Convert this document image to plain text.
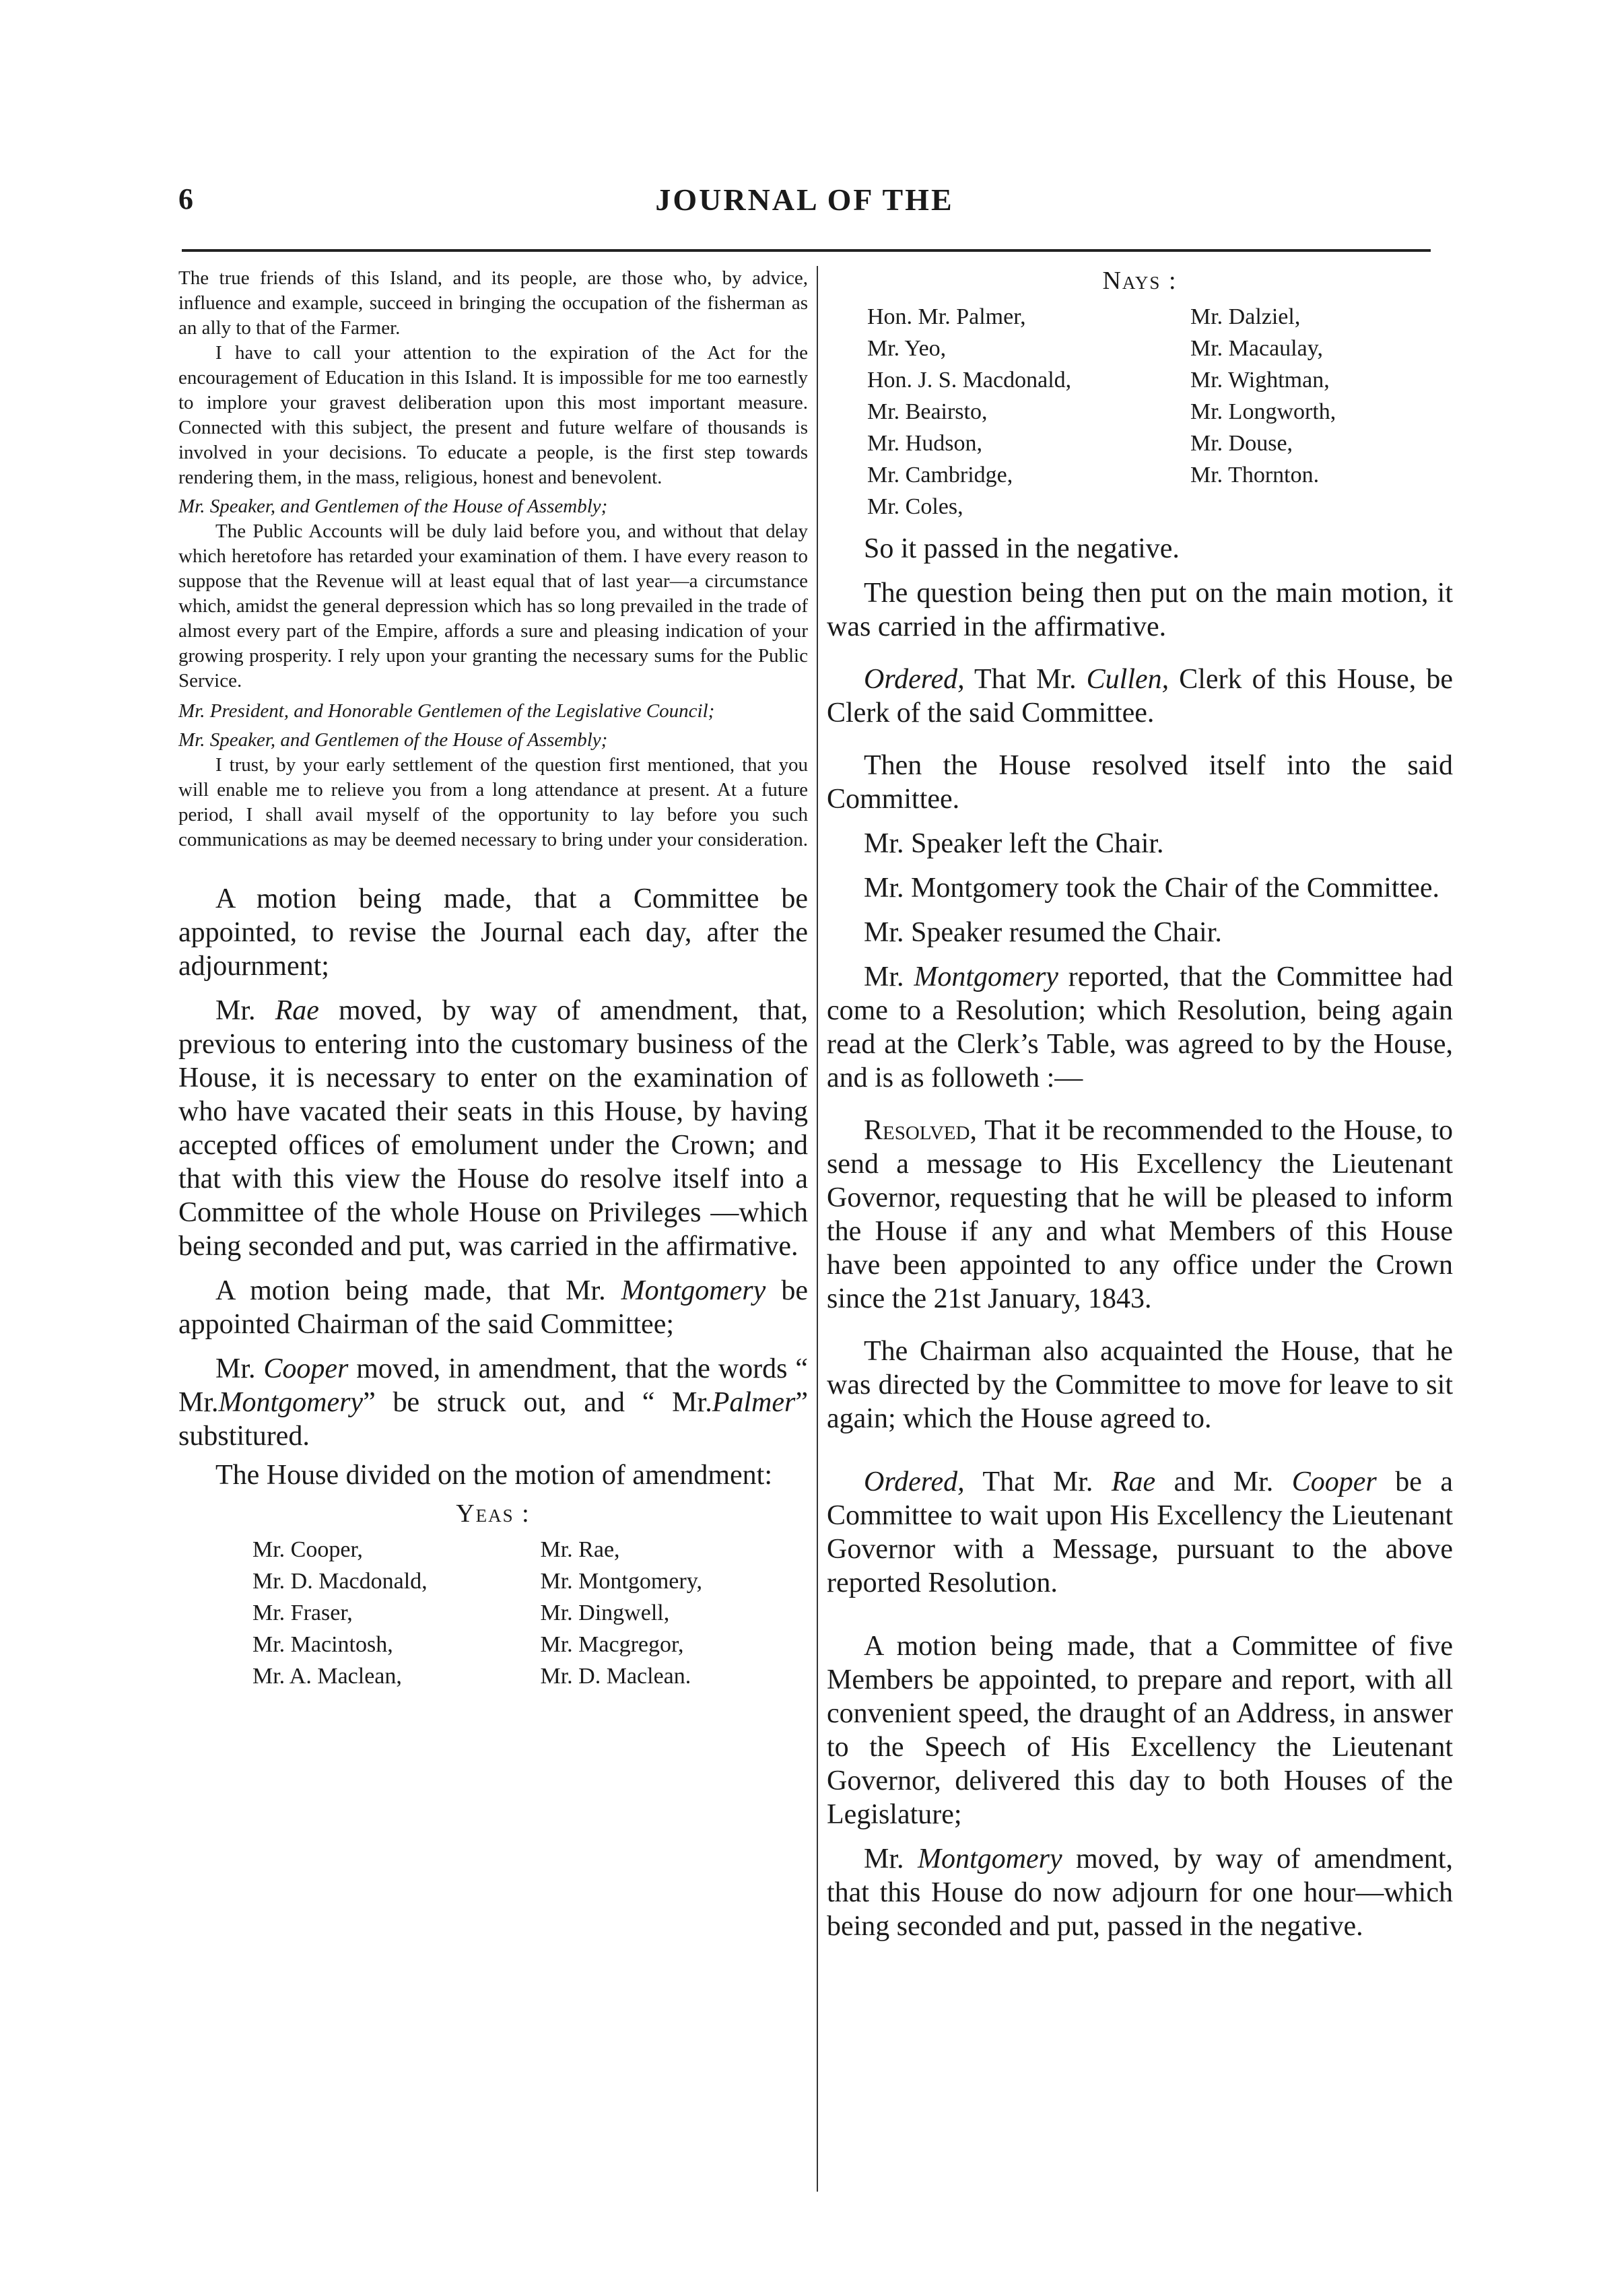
6	JOURNAL OF THE

The true friends of this Island, and its people, are those who, by advice, influence and example, succeed in bringing the occupation of the fisherman as an ally to that of the Farmer.

I have to call your attention to the expiration of the Act for the encouragement of Education in this Island. It is impossible for me too earnestly to implore your gravest deliberation upon this most important measure. Connected with this subject, the present and future welfare of thousands is involved in your decisions. To educate a people, is the first step towards rendering them, in the mass, religious, honest and benevolent.

Mr. Speaker, and Gentlemen of the House of Assembly;

The Public Accounts will be duly laid before you, and without that delay which heretofore has retarded your examination of them. I have every reason to suppose that the Revenue will at least equal that of last year—a circumstance which, amidst the general depression which has so long prevailed in the trade of almost every part of the Empire, affords a sure and pleasing indication of your growing prosperity. I rely upon your granting the necessary sums for the Public Service.

Mr. President, and Honorable Gentlemen of the Legislative Council;

Mr. Speaker, and Gentlemen of the House of Assembly;

I trust, by your early settlement of the question first mentioned, that you will enable me to relieve you from a long attendance at present. At a future period, I shall avail myself of the opportunity to lay before you such communications as may be deemed necessary to bring under your consideration.

A motion being made, that a Committee be appointed, to revise the Journal each day, after the adjournment;

Mr. Rae moved, by way of amendment, that, previous to entering into the customary business of the House, it is necessary to enter on the examination of who have vacated their seats in this House, by having accepted offices of emolument under the Crown; and that with this view the House do resolve itself into a Committee of the whole House on Privileges —which being seconded and put, was carried in the affirmative.

A motion being made, that Mr. Montgomery be appointed Chairman of the said Committee;

Mr. Cooper moved, in amendment, that the words “ Mr.Montgomery” be struck out, and “ Mr.Palmer” substitured.

The House divided on the motion of amendment:

Yeas :
Mr. Cooper,	Mr. Rae,
Mr. D. Macdonald,	Mr. Montgomery,
Mr. Fraser,	Mr. Dingwell,
Mr. Macintosh,	Mr. Macgregor,
Mr. A. Maclean,	Mr. D. Maclean.
Nays :
Hon. Mr. Palmer,	Mr. Dalziel,
Mr. Yeo,	Mr. Macaulay,
Hon. J. S. Macdonald,	Mr. Wightman,
Mr. Beairsto,	Mr. Longworth,
Mr. Hudson,	Mr. Douse,
Mr. Cambridge,	Mr. Thornton.
Mr. Coles,

So it passed in the negative.

The question being then put on the main motion, it was carried in the affirmative.

Ordered, That Mr. Cullen, Clerk of this House, be Clerk of the said Committee.

Then the House resolved itself into the said Committee.

Mr. Speaker left the Chair.

Mr. Montgomery took the Chair of the Committee.

Mr. Speaker resumed the Chair.

Mr. Montgomery reported, that the Committee had come to a Resolution; which Resolution, being again read at the Clerk’s Table, was agreed to by the House, and is as followeth :—

Resolved, That it be recommended to the House, to send a message to His Excellency the Lieutenant Governor, requesting that he will be pleased to inform the House if any and what Members of this House have been appointed to any office under the Crown since the 21st January, 1843.

The Chairman also acquainted the House, that he was directed by the Committee to move for leave to sit again; which the House agreed to.

Ordered, That Mr. Rae and Mr. Cooper be a Committee to wait upon His Excellency the Lieutenant Governor with a Message, pursuant to the above reported Resolution.

A motion being made, that a Committee of five Members be appointed, to prepare and report, with all convenient speed, the draught of an Address, in answer to the Speech of His Excellency the Lieutenant Governor, delivered this day to both Houses of the Legislature;

Mr. Montgomery moved, by way of amendment, that this House do now adjourn for one hour—which being seconded and put, passed in the negative.
